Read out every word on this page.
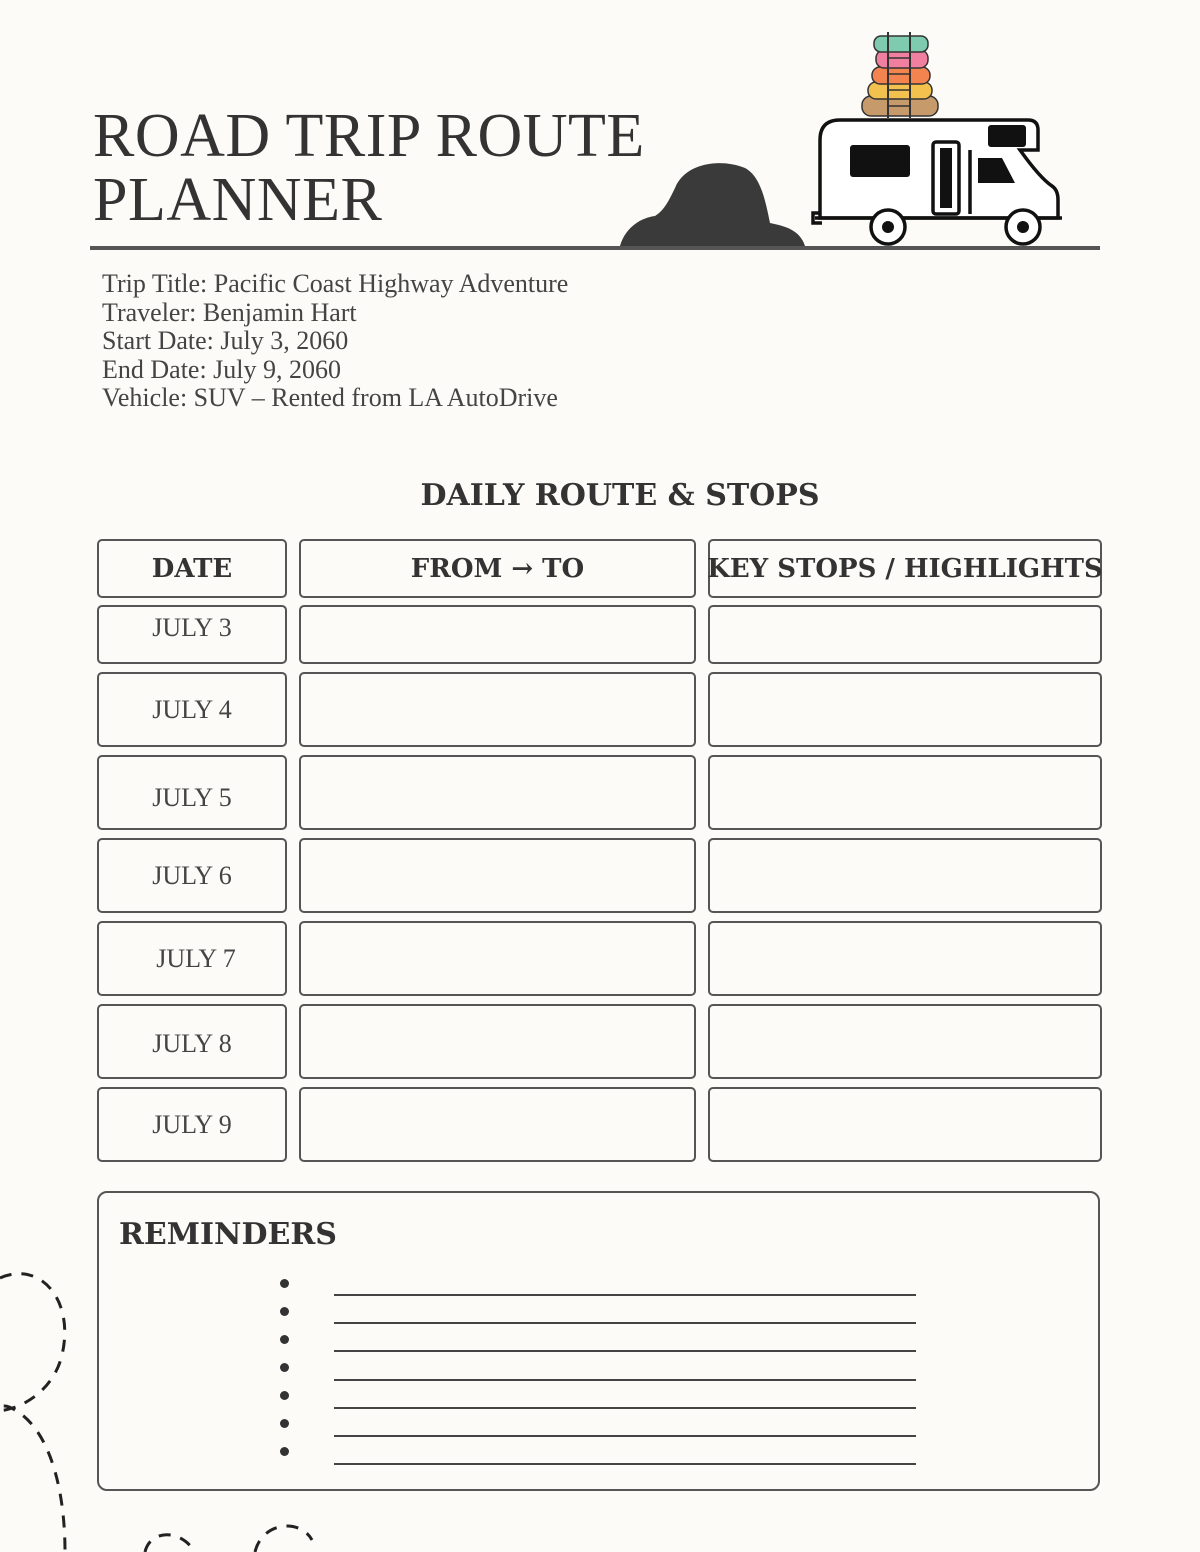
ROAD TRIP ROUTE
PLANNER
Trip Title: Pacific Coast Highway Adventure
Traveler: Benjamin Hart
Start Date: July 3, 2060
End Date: July 9, 2060
Vehicle: SUV – Rented from LA AutoDrive
DAILY ROUTE & STOPS
DATE	FROM → TO	KEY STOPS / HIGHLIGHTS
JULY 3
JULY 4
JULY 5
JULY 6
JULY 7
JULY 8
JULY 9
REMINDERS
